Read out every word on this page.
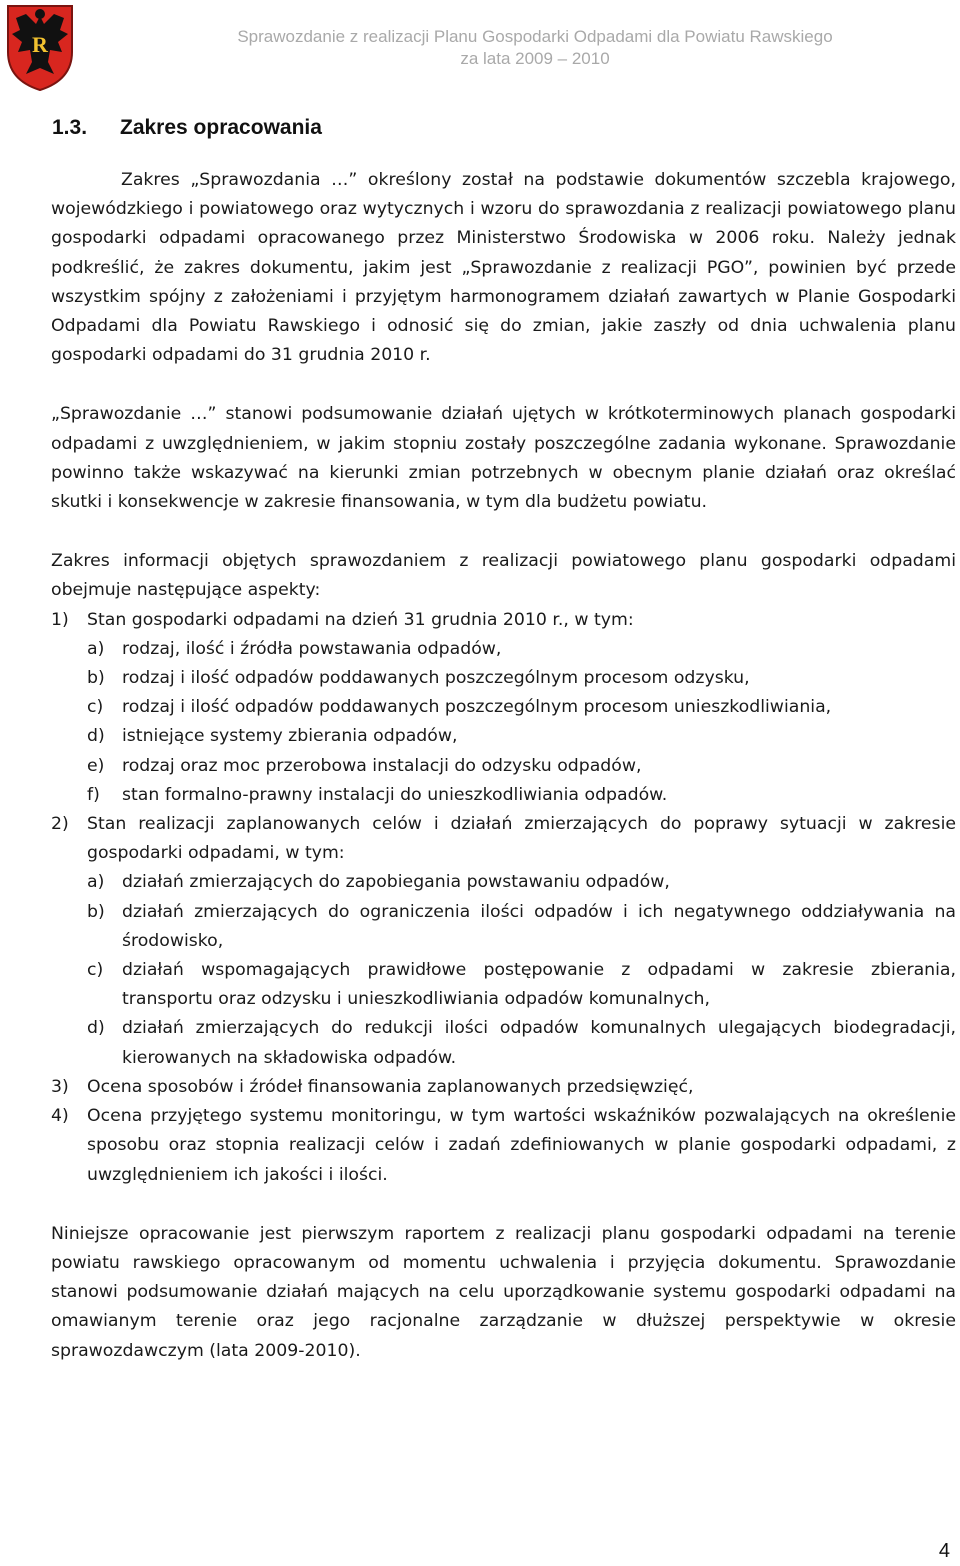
R	Sprawozdanie z realizacji Planu Gospodarki Odpadami dla Powiatu Rawskiego
za lata 2009 – 2010
1.3. Zakres opracowania

Zakres „Sprawozdania …” określony został na podstawie dokumentów szczebla krajowego, wojewódzkiego i powiatowego oraz wytycznych i wzoru do sprawozdania z realizacji powiatowego planu gospodarki odpadami opracowanego przez Ministerstwo Środowiska w 2006 roku. Należy jednak podkreślić, że zakres dokumentu, jakim jest „Sprawozdanie z realizacji PGO”, powinien być przede wszystkim spójny z założeniami i przyjętym harmonogramem działań zawartych w Planie Gospodarki Odpadami dla Powiatu Rawskiego i odnosić się do zmian, jakie zaszły od dnia uchwalenia planu gospodarki odpadami do 31 grudnia 2010 r.

„Sprawozdanie …” stanowi podsumowanie działań ujętych w krótkoterminowych planach gospodarki odpadami z uwzględnieniem, w jakim stopniu zostały poszczególne zadania wykonane. Sprawozdanie powinno także wskazywać na kierunki zmian potrzebnych w obecnym planie działań oraz określać skutki i konsekwencje w zakresie finansowania, w tym dla budżetu powiatu.

Zakres informacji objętych sprawozdaniem z realizacji powiatowego planu gospodarki odpadami obejmuje następujące aspekty:

1) Stan gospodarki odpadami na dzień 31 grudnia 2010 r., w tym:
a) rodzaj, ilość i źródła powstawania odpadów,
b) rodzaj i ilość odpadów poddawanych poszczególnym procesom odzysku,
c) rodzaj i ilość odpadów poddawanych poszczególnym procesom unieszkodliwiania,
d) istniejące systemy zbierania odpadów,
e) rodzaj oraz moc przerobowa instalacji do odzysku odpadów,
f) stan formalno-prawny instalacji do unieszkodliwiania odpadów.
2) Stan realizacji zaplanowanych celów i działań zmierzających do poprawy sytuacji w zakresie gospodarki odpadami, w tym:
a) działań zmierzających do zapobiegania powstawaniu odpadów,
b) działań zmierzających do ograniczenia ilości odpadów i ich negatywnego oddziaływania na środowisko,
c) działań wspomagających prawidłowe postępowanie z odpadami w zakresie zbierania, transportu oraz odzysku i unieszkodliwiania odpadów komunalnych,
d) działań zmierzających do redukcji ilości odpadów komunalnych ulegających biodegradacji, kierowanych na składowiska odpadów.
3) Ocena sposobów i źródeł finansowania zaplanowanych przedsięwzięć,
4) Ocena przyjętego systemu monitoringu, w tym wartości wskaźników pozwalających na określenie sposobu oraz stopnia realizacji celów i zadań zdefiniowanych w planie gospodarki odpadami, z uwzględnieniem ich jakości i ilości.

Niniejsze opracowanie jest pierwszym raportem z realizacji planu gospodarki odpadami na terenie powiatu rawskiego opracowanym od momentu uchwalenia i przyjęcia dokumentu. Sprawozdanie stanowi podsumowanie działań mających na celu uporządkowanie systemu gospodarki odpadami na omawianym terenie oraz jego racjonalne zarządzanie w dłuższej perspektywie w okresie sprawozdawczym (lata 2009-2010).

4
